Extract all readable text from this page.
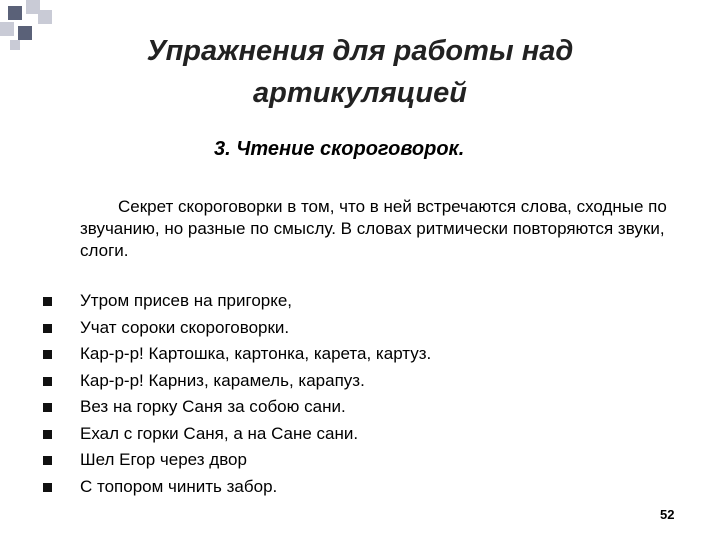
Упражнения для работы над
артикуляцией
3. Чтение скороговорок.
Секрет скороговорки в том, что в ней встречаются слова, сходные по звучанию, но разные по смыслу. В словах ритмически повторяются звуки, слоги.
Утром присев на пригорке,
Учат сороки скороговорки.
Кар-р-р! Картошка, картонка, карета, картуз.
Кар-р-р! Карниз, карамель, карапуз.
Вез на горку Саня за собою сани.
Ехал с горки Саня, а на Сане сани.
Шел Егор через двор
С топором чинить забор.
52
